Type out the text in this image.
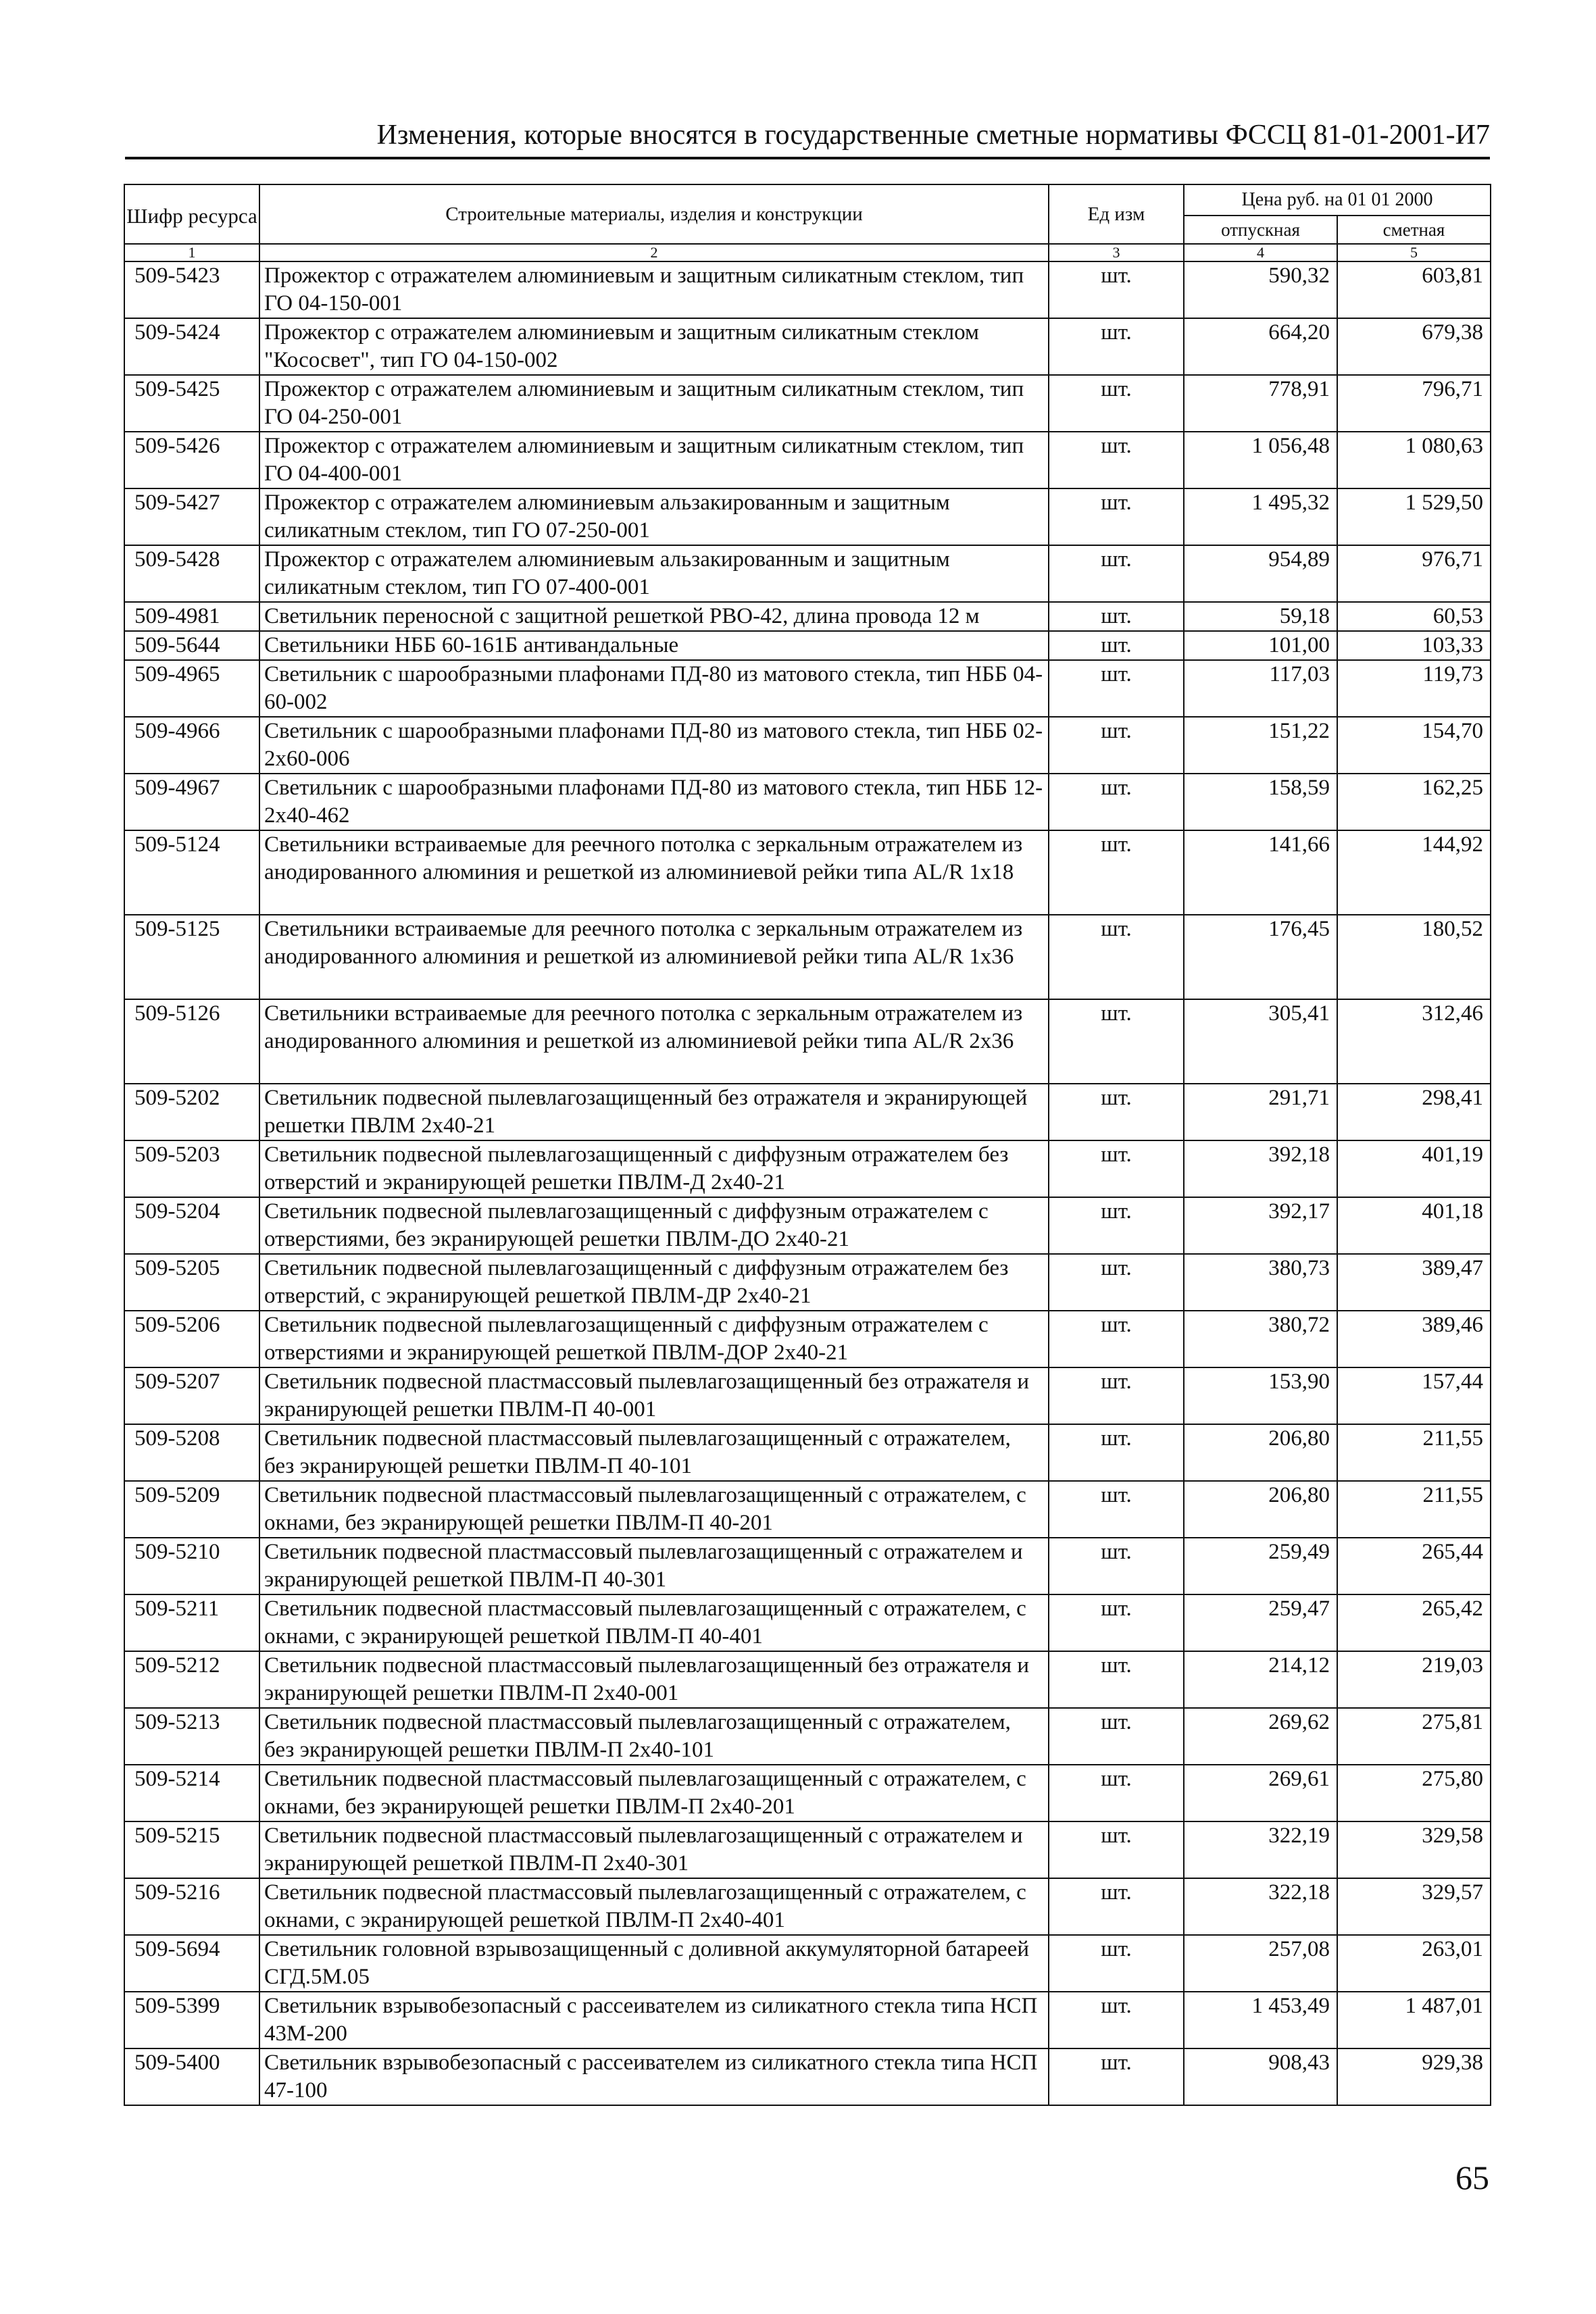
Изменения, которые вносятся в государственные сметные нормативы ФССЦ 81-01-2001-И7
Шифр ресурса	Строительные материалы, изделия и конструкции	Ед изм	Цена руб. на 01 01 2000	
			отпускная	сметная
1	2	3	4	5
509-5423	Прожектор с отражателем алюминиевым и защитным силикатным стеклом, тип ГО 04-150-001	шт.	590,32	603,81
509-5424	Прожектор с отражателем алюминиевым и защитным силикатным стеклом "Кососвет", тип ГО 04-150-002	шт.	664,20	679,38
509-5425	Прожектор с отражателем алюминиевым и защитным силикатным стеклом, тип ГО 04-250-001	шт.	778,91	796,71
509-5426	Прожектор с отражателем алюминиевым и защитным силикатным стеклом, тип ГО 04-400-001	шт.	1 056,48	1 080,63
509-5427	Прожектор с отражателем алюминиевым альзакированным и защитным силикатным стеклом, тип ГО 07-250-001	шт.	1 495,32	1 529,50
509-5428	Прожектор с отражателем алюминиевым альзакированным и защитным силикатным стеклом, тип ГО 07-400-001	шт.	954,89	976,71
509-4981	Светильник переносной с защитной решеткой РВО-42, длина провода 12 м	шт.	59,18	60,53
509-5644	Светильники НББ 60-161Б антивандальные	шт.	101,00	103,33
509-4965	Светильник с шарообразными плафонами ПД-80 из матового стекла, тип НББ 04-60-002	шт.	117,03	119,73
509-4966	Светильник с шарообразными плафонами ПД-80 из матового стекла, тип НББ 02-2х60-006	шт.	151,22	154,70
509-4967	Светильник с шарообразными плафонами ПД-80 из матового стекла, тип НББ 12-2х40-462	шт.	158,59	162,25
509-5124	Светильники встраиваемые для реечного потолка с зеркальным отражателем из анодированного алюминия и решеткой из алюминиевой рейки типа AL/R 1х18	шт.	141,66	144,92
509-5125	Светильники встраиваемые для реечного потолка с зеркальным отражателем из анодированного алюминия и решеткой из алюминиевой рейки типа AL/R 1х36	шт.	176,45	180,52
509-5126	Светильники встраиваемые для реечного потолка с зеркальным отражателем из анодированного алюминия и решеткой из алюминиевой рейки типа AL/R 2х36	шт.	305,41	312,46
509-5202	Светильник подвесной пылевлагозащищенный без отражателя и экранирующей решетки ПВЛМ 2х40-21	шт.	291,71	298,41
509-5203	Светильник подвесной пылевлагозащищенный с диффузным отражателем без отверстий и экранирующей решетки ПВЛМ-Д 2х40-21	шт.	392,18	401,19
509-5204	Светильник подвесной пылевлагозащищенный с диффузным отражателем с отверстиями, без экранирующей решетки ПВЛМ-ДО 2х40-21	шт.	392,17	401,18
509-5205	Светильник подвесной пылевлагозащищенный с диффузным отражателем без отверстий, с экранирующей решеткой ПВЛМ-ДР 2х40-21	шт.	380,73	389,47
509-5206	Светильник подвесной пылевлагозащищенный с диффузным отражателем с отверстиями и экранирующей решеткой ПВЛМ-ДОР 2х40-21	шт.	380,72	389,46
509-5207	Светильник подвесной пластмассовый пылевлагозащищенный без отражателя и экранирующей решетки ПВЛМ-П 40-001	шт.	153,90	157,44
509-5208	Светильник подвесной пластмассовый пылевлагозащищенный с отражателем, без экранирующей решетки ПВЛМ-П 40-101	шт.	206,80	211,55
509-5209	Светильник подвесной пластмассовый пылевлагозащищенный с отражателем, с окнами, без экранирующей решетки ПВЛМ-П 40-201	шт.	206,80	211,55
509-5210	Светильник подвесной пластмассовый пылевлагозащищенный с отражателем и экранирующей решеткой ПВЛМ-П 40-301	шт.	259,49	265,44
509-5211	Светильник подвесной пластмассовый пылевлагозащищенный с отражателем, с окнами, с экранирующей решеткой ПВЛМ-П 40-401	шт.	259,47	265,42
509-5212	Светильник подвесной пластмассовый пылевлагозащищенный без отражателя и экранирующей решетки ПВЛМ-П 2х40-001	шт.	214,12	219,03
509-5213	Светильник подвесной пластмассовый пылевлагозащищенный с отражателем, без экранирующей решетки ПВЛМ-П 2х40-101	шт.	269,62	275,81
509-5214	Светильник подвесной пластмассовый пылевлагозащищенный с отражателем, с окнами, без экранирующей решетки ПВЛМ-П 2х40-201	шт.	269,61	275,80
509-5215	Светильник подвесной пластмассовый пылевлагозащищенный с отражателем и экранирующей решеткой ПВЛМ-П 2х40-301	шт.	322,19	329,58
509-5216	Светильник подвесной пластмассовый пылевлагозащищенный с отражателем, с окнами, с экранирующей решеткой ПВЛМ-П 2х40-401	шт.	322,18	329,57
509-5694	Светильник головной взрывозащищенный с доливной аккумуляторной батареей СГД.5М.05	шт.	257,08	263,01
509-5399	Светильник взрывобезопасный с рассеивателем из силикатного стекла типа НСП 43М-200	шт.	1 453,49	1 487,01
509-5400	Светильник взрывобезопасный с рассеивателем из силикатного стекла типа НСП 47-100	шт.	908,43	929,38
65
